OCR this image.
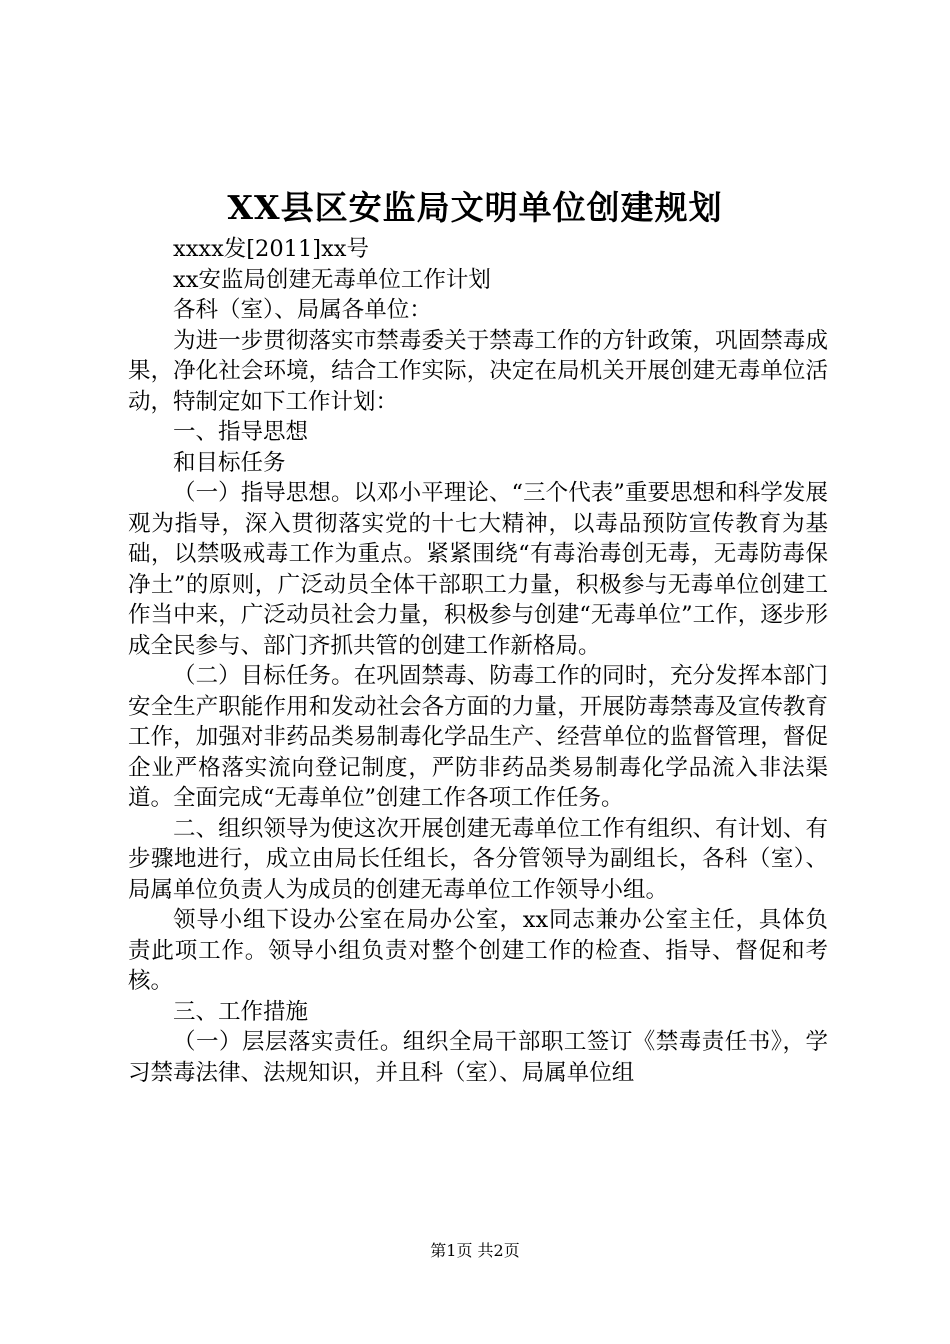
XX县区安监局文明单位创建规划

xxxx发[2011]xx号

xx安监局创建无毒单位工作计划

各科（室）、局属各单位：

为进一步贯彻落实市禁毒委关于禁毒工作的方针政策，巩固禁毒成果，净化社会环境，结合工作实际，决定在局机关开展创建无毒单位活动，特制定如下工作计划：

一、指导思想

和目标任务

（一）指导思想。以邓小平理论、“三个代表”重要思想和科学发展观为指导，深入贯彻落实党的十七大精神，以毒品预防宣传教育为基础，以禁吸戒毒工作为重点。紧紧围绕“有毒治毒创无毒，无毒防毒保净土”的原则，广泛动员全体干部职工力量，积极参与无毒单位创建工作当中来，广泛动员社会力量，积极参与创建“无毒单位”工作，逐步形成全民参与、部门齐抓共管的创建工作新格局。

（二）目标任务。在巩固禁毒、防毒工作的同时，充分发挥本部门安全生产职能作用和发动社会各方面的力量，开展防毒禁毒及宣传教育工作，加强对非药品类易制毒化学品生产、经营单位的监督管理，督促企业严格落实流向登记制度，严防非药品类易制毒化学品流入非法渠道。全面完成“无毒单位”创建工作各项工作任务。

二、组织领导为使这次开展创建无毒单位工作有组织、有计划、有步骤地进行，成立由局长任组长，各分管领导为副组长，各科（室）、局属单位负责人为成员的创建无毒单位工作领导小组。

领导小组下设办公室在局办公室，xx同志兼办公室主任，具体负责此项工作。领导小组负责对整个创建工作的检查、指导、督促和考核。

三、工作措施

（一）层层落实责任。组织全局干部职工签订《禁毒责任书》，学习禁毒法律、法规知识，并且科（室）、局属单位组

第1页 共2页
